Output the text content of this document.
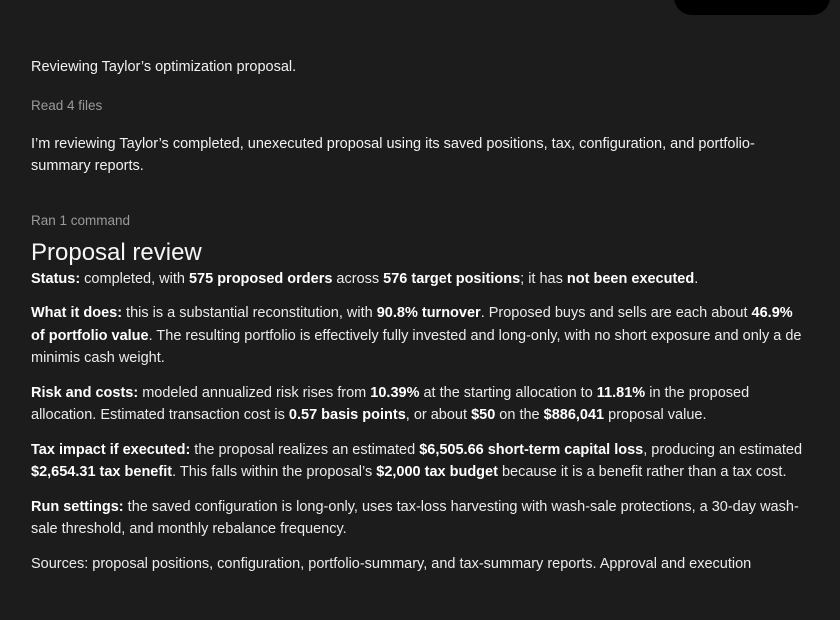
Reviewing Taylor’s optimization proposal.

Read 4 files

I’m reviewing Taylor’s completed, unexecuted proposal using its saved positions, tax, configuration, and portfolio-summary reports.

Ran 1 command

Proposal review

Status: completed, with 575 proposed orders across 576 target positions; it has not been executed.

What it does: this is a substantial reconstitution, with 90.8% turnover. Proposed buys and sells are each about 46.9% of portfolio value. The resulting portfolio is effectively fully invested and long-only, with no short exposure and only a de minimis cash weight.

Risk and costs: modeled annualized risk rises from 10.39% at the starting allocation to 11.81% in the proposed allocation. Estimated transaction cost is 0.57 basis points, or about $50 on the $886,041 proposal value.

Tax impact if executed: the proposal realizes an estimated $6,505.66 short-term capital loss, producing an estimated $2,654.31 tax benefit. This falls within the proposal’s $2,000 tax budget because it is a benefit rather than a tax cost.

Run settings: the saved configuration is long-only, uses tax-loss harvesting with wash-sale protections, a 30-day wash-sale threshold, and monthly rebalance frequency.

Sources: proposal positions, configuration, portfolio-summary, and tax-summary reports. Approval and execution
